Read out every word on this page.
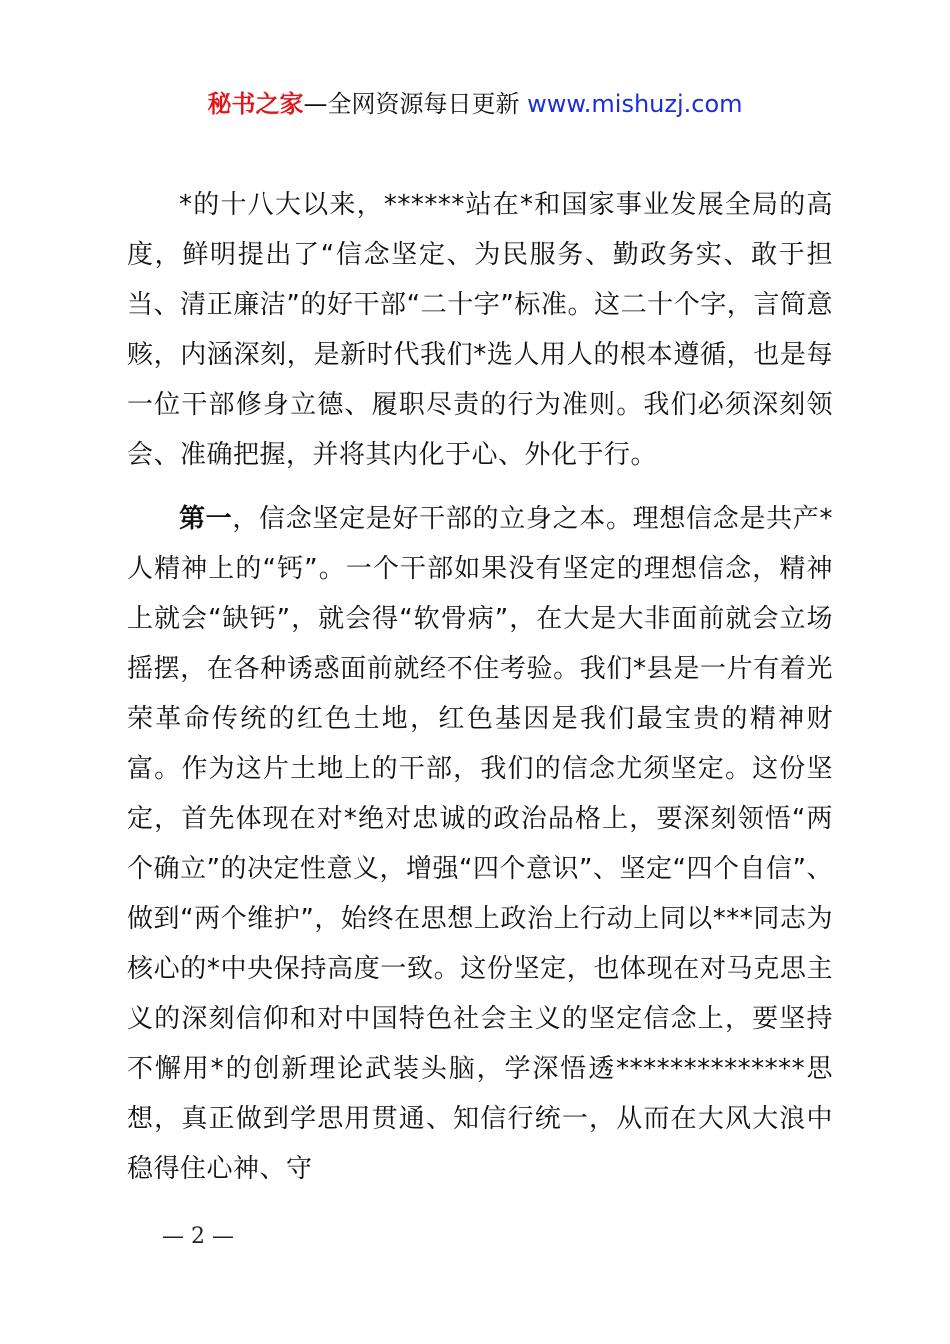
秘书之家—全网资源每日更新 www.mishuzj.com

*的十八大以来，******站在*和国家事业发展全局的高度，鲜明提出了“信念坚定、为民服务、勤政务实、敢于担当、清正廉洁”的好干部“二十字”标准。这二十个字，言简意赅，内涵深刻，是新时代我们*选人用人的根本遵循，也是每一位干部修身立德、履职尽责的行为准则。我们必须深刻领会、准确把握，并将其内化于心、外化于行。

第一，信念坚定是好干部的立身之本。理想信念是共产*人精神上的“钙”。一个干部如果没有坚定的理想信念，精神上就会“缺钙”，就会得“软骨病”，在大是大非面前就会立场摇摆，在各种诱惑面前就经不住考验。我们*县是一片有着光荣革命传统的红色土地，红色基因是我们最宝贵的精神财富。作为这片土地上的干部，我们的信念尤须坚定。这份坚定，首先体现在对*绝对忠诚的政治品格上，要深刻领悟“两个确立”的决定性意义，增强“四个意识”、坚定“四个自信”、做到“两个维护”，始终在思想上政治上行动上同以***同志为核心的*中央保持高度一致。这份坚定，也体现在对马克思主义的深刻信仰和对中国特色社会主义的坚定信念上，要坚持不懈用*的创新理论武装头脑，学深悟透**************思想，真正做到学思用贯通、知信行统一，从而在大风大浪中稳得住心神、守

— 2 —
